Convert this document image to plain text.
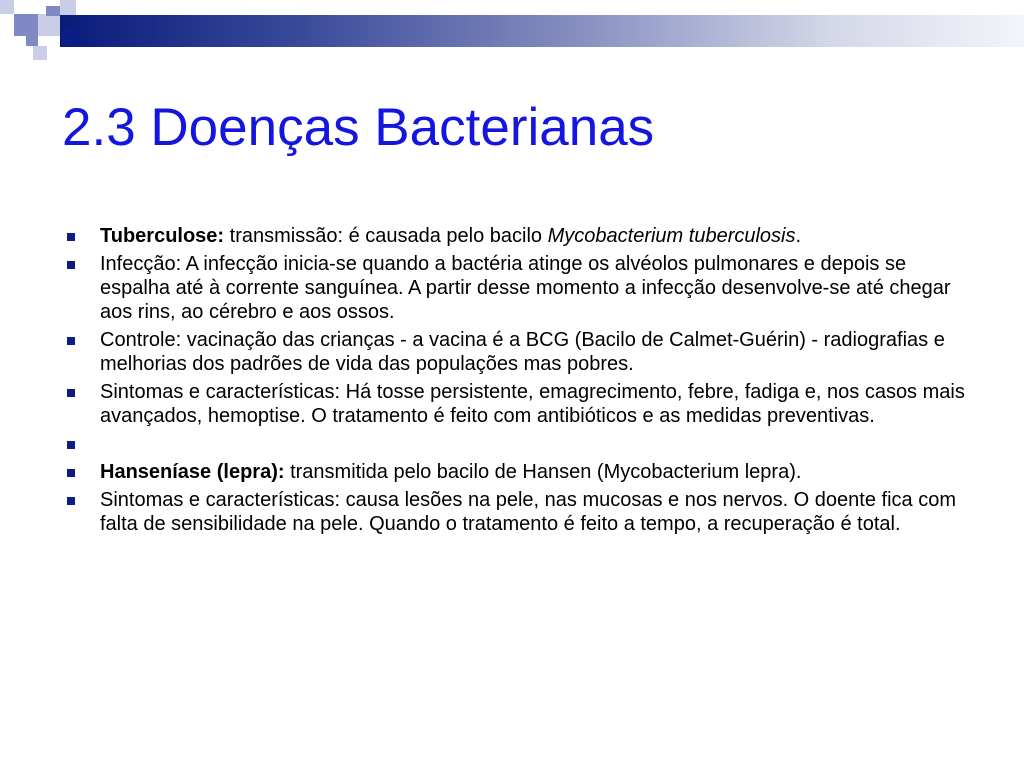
2.3 Doenças Bacterianas
Tuberculose: transmissão: é causada pelo bacilo Mycobacterium tuberculosis.
Infecção: A infecção inicia-se quando a bactéria atinge os alvéolos pulmonares e depois se espalha até à corrente sanguínea. A partir desse momento a infecção desenvolve-se até chegar aos rins, ao cérebro e aos ossos.
Controle: vacinação das crianças - a vacina é a BCG (Bacilo de Calmet-Guérin) - radiografias e melhorias dos padrões de vida das populações mas pobres.
Sintomas e características: Há tosse persistente, emagrecimento, febre, fadiga e, nos casos mais avançados, hemoptise. O tratamento é feito com antibióticos e as medidas preventivas.
Hanseníase (lepra): transmitida pelo bacilo de Hansen (Mycobacterium lepra).
Sintomas e características: causa lesões na pele, nas mucosas e nos nervos. O doente fica com falta de sensibilidade na pele. Quando o tratamento é feito a tempo, a recuperação é total.
